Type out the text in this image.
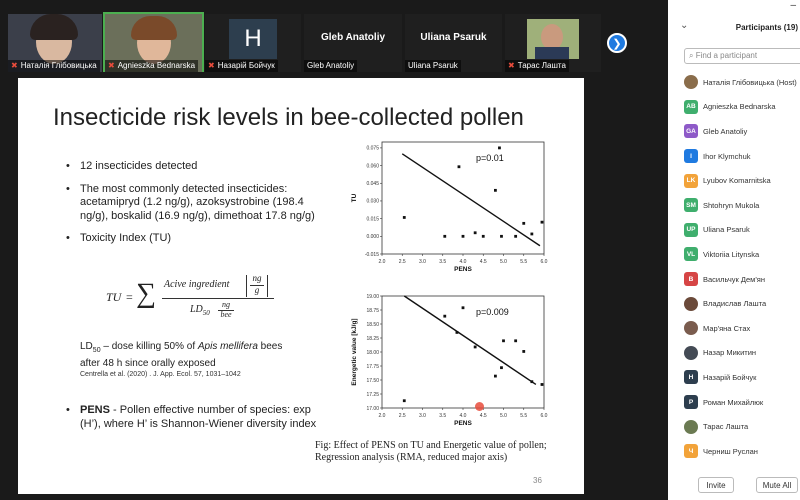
✖ Наталія Глібовицька ✖ Agnieszka Bednarska
H
✖ Назарій Бойчук
Gleb Anatoliy
Gleb Anatoliy
Uliana Psaruk
Uliana Psaruk	✖ Тарас Лашта
❯
Insecticide risk levels in bee-collected pollen
• 12 insecticides detected
• The most commonly detected insecticides: acetamipryd (1.2 ng/g), azoksystrobine (198.4 ng/g), boskalid (16.9 ng/g), dimethoat 17.8 ng/g)
• Toxicity Index (TU)
TU = ∑ Acive ingredient
ng
g
$LD_{50}$
ng
bee
$LD_{50}$ – dose killing 50% of Apis mellifera bees after 48 h since orally exposed
Centrella et al. (2020) . J. App. Ecol. 57, 1031–1042
• PENS - Pollen effective number of species: exp (H’), where H’ is Shannon-Wiener diversity index
2.0	2.5	3.0	3.5	4.0	4.5	5.0	5.5	6.0
-0.015
0.000
0.015
0.030
0.045
0.060
0.075
p=0.01
PENS
TU
2.0	2.5	3.0	3.5	4.0	4.5	5.0	5.5	6.0
17.00
17.25
17.50
17.75
18.00
18.25
18.50
18.75
19.00
p=0.009
PENS
Energetic value [kJ/g]
Fig: Effect of PENS on TU and Energetic value of pollen; Regression analysis (RMA, reduced major axis)
36
–
⌄	Participants (19)
⌕ Find a participant
Наталія Глібовицька (Host)
AB Agnieszka Bednarska
GA Gleb Anatoliy
I	Ihor Klymchuk
LK	Lyubov Komarnitska
SM Shtohryn Mukola
UP Uliana Psaruk
VL	Viktoriia Litynska
В	Васильчук Дем'ян
Владислав Лашта
Мар'яна Стах
Назар Микитин
Н	Назарій Бойчук
Р	Роман Михайлюк
Тарас Лашта
Ч	Черниш Руслан
Invite	Mute All
